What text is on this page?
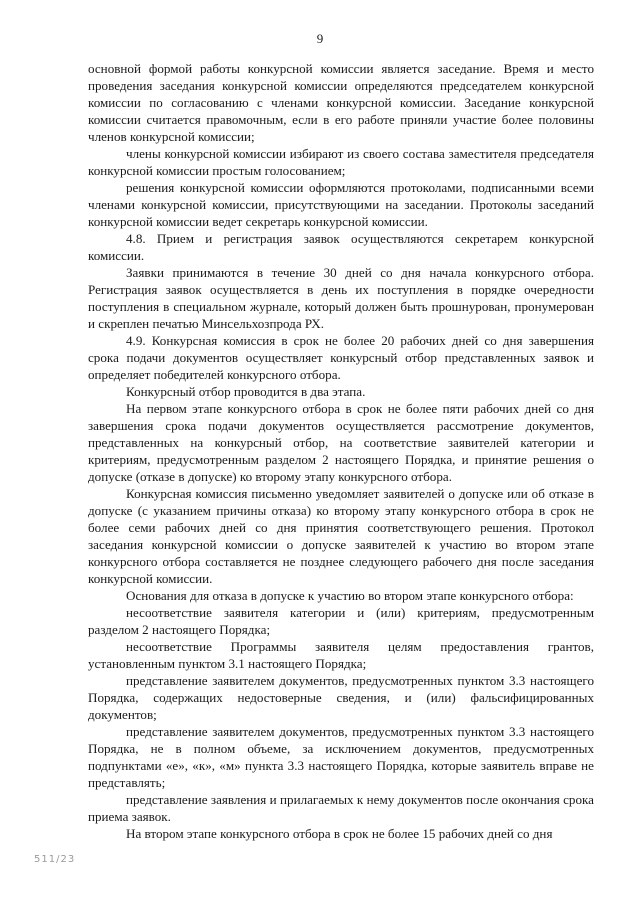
9

основной формой работы конкурсной комиссии является заседание. Время и место проведения заседания конкурсной комиссии определяются председателем конкурсной комиссии по согласованию с членами конкурсной комиссии. Заседание конкурсной комиссии считается правомочным, если в его работе приняли участие более половины членов конкурсной комиссии;

члены конкурсной комиссии избирают из своего состава заместителя председателя конкурсной комиссии простым голосованием;

решения конкурсной комиссии оформляются протоколами, подписанными всеми членами конкурсной комиссии, присутствующими на заседании. Протоколы заседаний конкурсной комиссии ведет секретарь конкурсной комиссии.

4.8. Прием и регистрация заявок осуществляются секретарем конкурсной комиссии.

Заявки принимаются в течение 30 дней со дня начала конкурсного отбора. Регистрация заявок осуществляется в день их поступления в порядке очередности поступления в специальном журнале, который должен быть прошнурован, пронумерован и скреплен печатью Минсельхозпрода РХ.

4.9. Конкурсная комиссия в срок не более 20 рабочих дней со дня завершения срока подачи документов осуществляет конкурсный отбор представленных заявок и определяет победителей конкурсного отбора.

Конкурсный отбор проводится в два этапа.

На первом этапе конкурсного отбора в срок не более пяти рабочих дней со дня завершения срока подачи документов осуществляется рассмотрение документов, представленных на конкурсный отбор, на соответствие заявителей категории и критериям, предусмотренным разделом 2 настоящего Порядка, и принятие решения о допуске (отказе в допуске) ко второму этапу конкурсного отбора.

Конкурсная комиссия письменно уведомляет заявителей о допуске или об отказе в допуске (с указанием причины отказа) ко второму этапу конкурсного отбора в срок не более семи рабочих дней со дня принятия соответствующего решения. Протокол заседания конкурсной комиссии о допуске заявителей к участию во втором этапе конкурсного отбора составляется не позднее следующего рабочего дня после заседания конкурсной комиссии.

Основания для отказа в допуске к участию во втором этапе конкурсного отбора:

несоответствие заявителя категории и (или) критериям, предусмотренным разделом 2 настоящего Порядка;

несоответствие Программы заявителя целям предоставления грантов, установленным пунктом 3.1 настоящего Порядка;

представление заявителем документов, предусмотренных пунктом 3.3 настоящего Порядка, содержащих недостоверные сведения, и (или) фальсифицированных документов;

представление заявителем документов, предусмотренных пунктом 3.3 настоящего Порядка, не в полном объеме, за исключением документов, предусмотренных подпунктами «е», «к», «м» пункта 3.3 настоящего Порядка, которые заявитель вправе не представлять;

представление заявления и прилагаемых к нему документов после окончания срока приема заявок.

На втором этапе конкурсного отбора в срок не более 15 рабочих дней со дня

511/23
